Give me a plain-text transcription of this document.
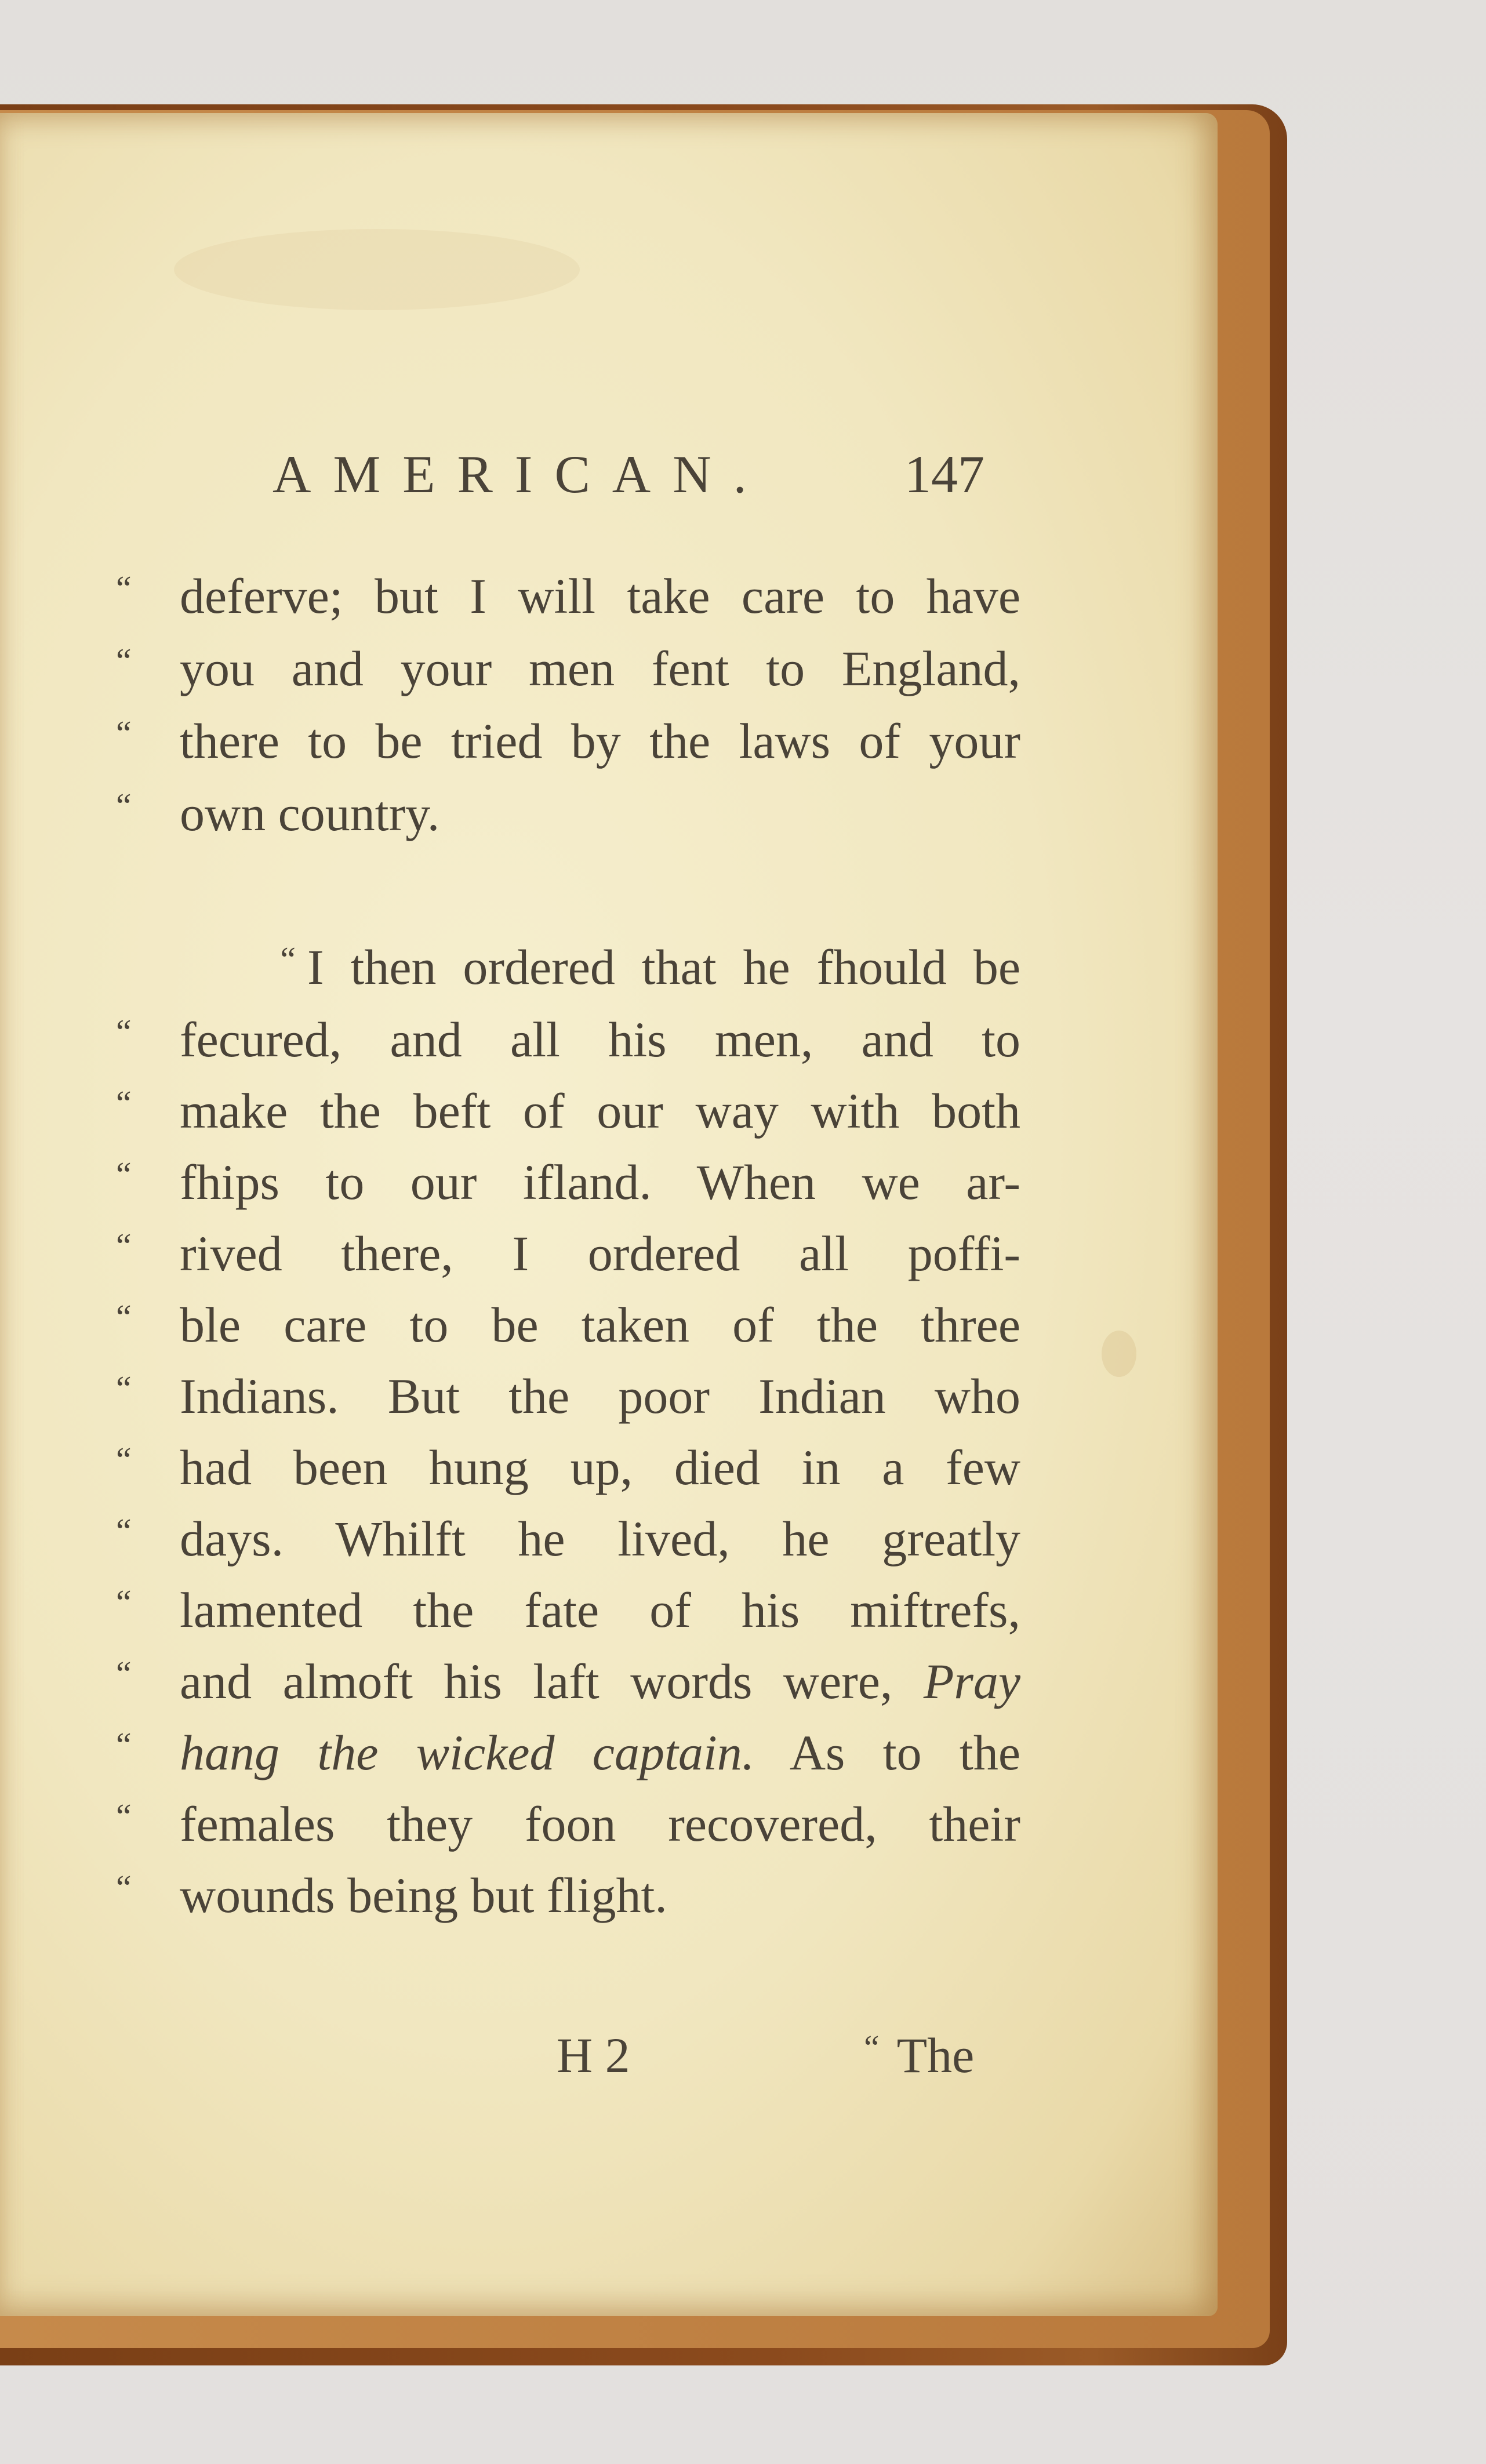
AMERICAN.	147
“ deferve; but I will take care to have
“ you and your men fent to England,
“ there to be tried by the laws of your
“ own country.
“ I then ordered that he fhould be
“ fecured, and all his men, and to
“ make the beft of our way with both
“ fhips to our ifland. When we ar-
“ rived there, I ordered all poffi-
“ ble care to be taken of the three
“ Indians. But the poor Indian who
“ had been hung up, died in a few
“ days. Whilft he lived, he greatly
“ lamented the fate of his miftrefs,
“ and almoft his laft words were, Pray
“ hang the wicked captain. As to the
“ females they foon recovered, their
“ wounds being but flight.
H 2	“ The
